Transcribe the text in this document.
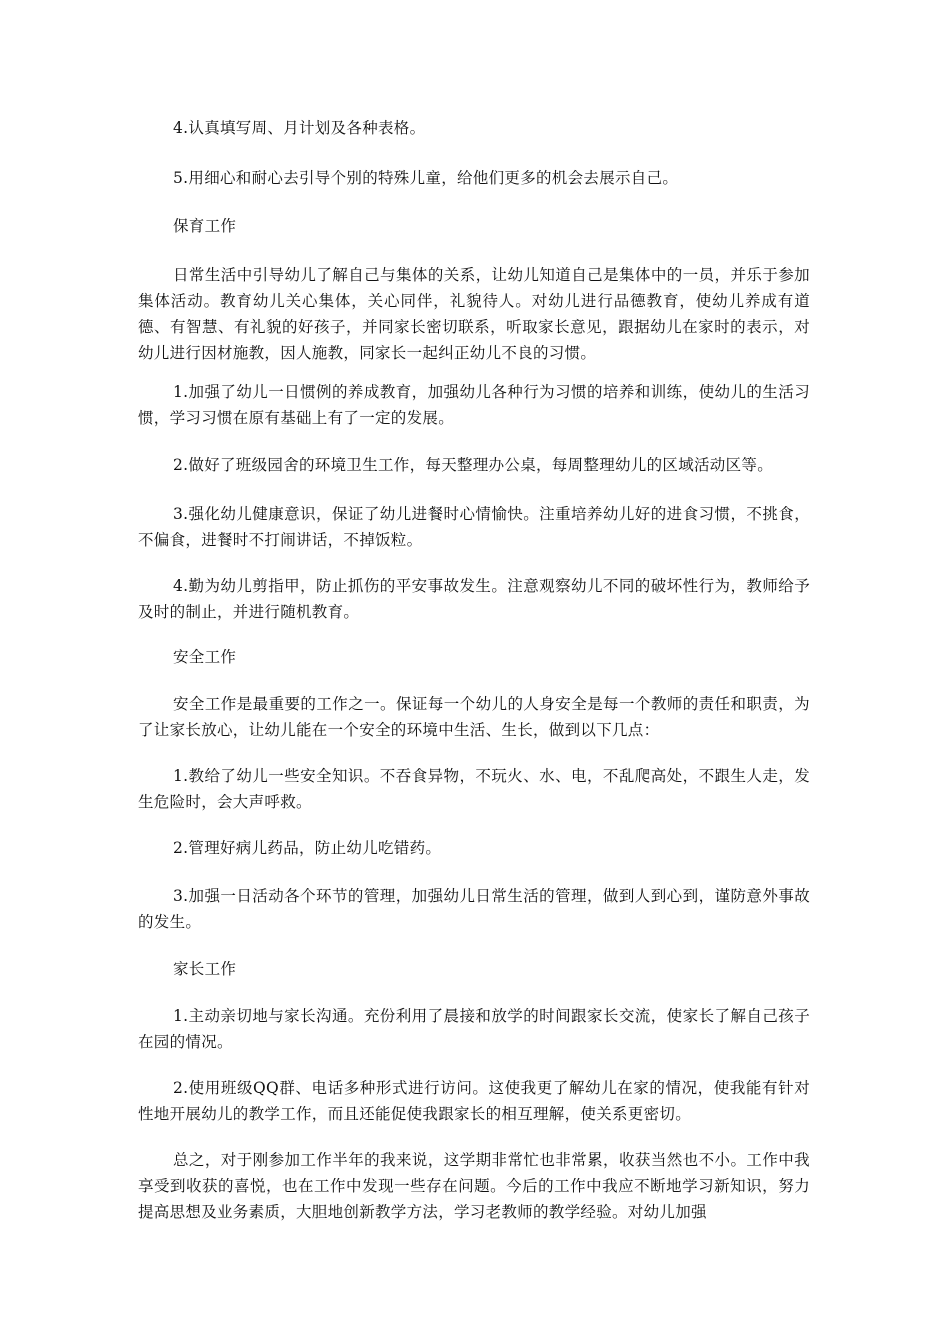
4.认真填写周、月计划及各种表格。

5.用细心和耐心去引导个别的特殊儿童，给他们更多的机会去展示自己。

保育工作

日常生活中引导幼儿了解自己与集体的关系，让幼儿知道自己是集体中的一员，并乐于参加集体活动。教育幼儿关心集体，关心同伴，礼貌待人。对幼儿进行品德教育，使幼儿养成有道德、有智慧、有礼貌的好孩子，并同家长密切联系，听取家长意见，跟据幼儿在家时的表示，对幼儿进行因材施教，因人施教，同家长一起纠正幼儿不良的习惯。

1.加强了幼儿一日惯例的养成教育，加强幼儿各种行为习惯的培养和训练，使幼儿的生活习惯，学习习惯在原有基础上有了一定的发展。

2.做好了班级园舍的环境卫生工作，每天整理办公桌，每周整理幼儿的区域活动区等。

3.强化幼儿健康意识，保证了幼儿进餐时心情愉快。注重培养幼儿好的进食习惯，不挑食，不偏食，进餐时不打闹讲话，不掉饭粒。

4.勤为幼儿剪指甲，防止抓伤的平安事故发生。注意观察幼儿不同的破坏性行为，教师给予及时的制止，并进行随机教育。

安全工作

安全工作是最重要的工作之一。保证每一个幼儿的人身安全是每一个教师的责任和职责，为了让家长放心，让幼儿能在一个安全的环境中生活、生长，做到以下几点：

1.教给了幼儿一些安全知识。不吞食异物，不玩火、水、电，不乱爬高处，不跟生人走，发生危险时，会大声呼救。

2.管理好病儿药品，防止幼儿吃错药。

3.加强一日活动各个环节的管理，加强幼儿日常生活的管理，做到人到心到，谨防意外事故的发生。

家长工作

1.主动亲切地与家长沟通。充份利用了晨接和放学的时间跟家长交流，使家长了解自己孩子在园的情况。

2.使用班级QQ群、电话多种形式进行访问。这使我更了解幼儿在家的情况，使我能有针对性地开展幼儿的教学工作，而且还能促使我跟家长的相互理解，使关系更密切。

总之，对于刚参加工作半年的我来说，这学期非常忙也非常累，收获当然也不小。工作中我享受到收获的喜悦，也在工作中发现一些存在问题。今后的工作中我应不断地学习新知识，努力提高思想及业务素质，大胆地创新教学方法，学习老教师的教学经验。对幼儿加强
